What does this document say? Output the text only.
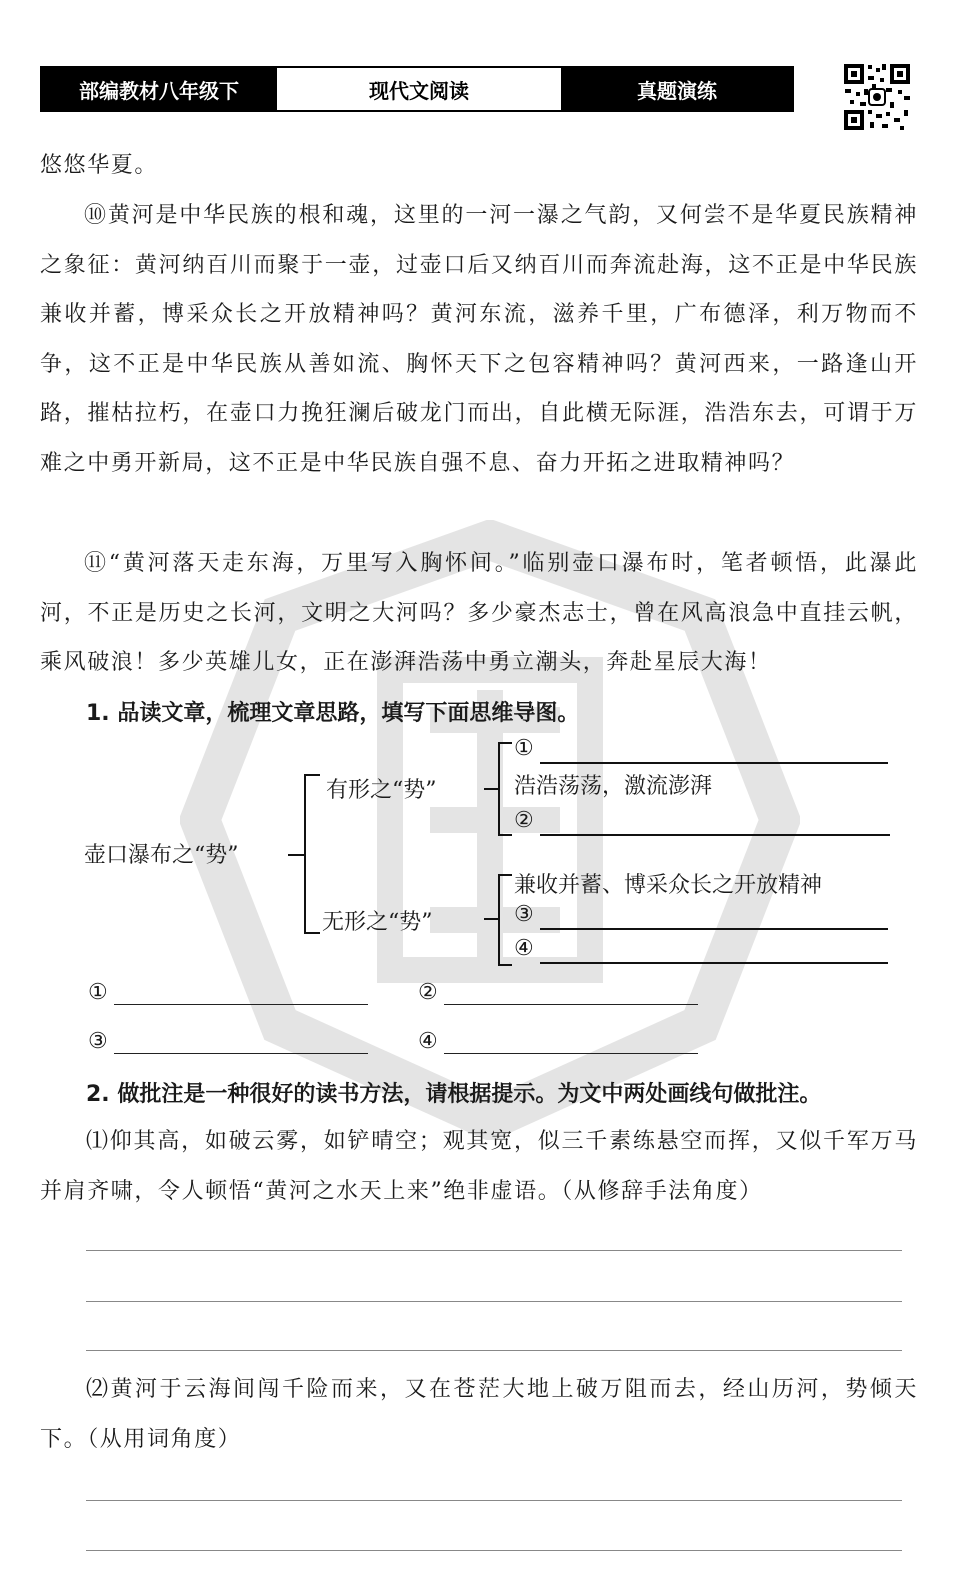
部编教材八年级下	现代文阅读	真题演练

悠悠华夏。

⑩黄河是中华民族的根和魂，这里的一河一瀑之气韵，又何尝不是华夏民族精神之象征：黄河纳百川而聚于一壶，过壶口后又纳百川而奔流赴海，这不正是中华民族兼收并蓄，博采众长之开放精神吗？黄河东流，滋养千里，广布德泽，利万物而不争，这不正是中华民族从善如流、胸怀天下之包容精神吗？黄河西来，一路逢山开路，摧枯拉朽，在壶口力挽狂澜后破龙门而出，自此横无际涯，浩浩东去，可谓于万难之中勇开新局，这不正是中华民族自强不息、奋力开拓之进取精神吗？

⑪“黄河落天走东海，万里写入胸怀间。”临别壶口瀑布时，笔者顿悟，此瀑此河，不正是历史之长河，文明之大河吗？多少豪杰志士，曾在风高浪急中直挂云帆，乘风破浪！多少英雄儿女，正在澎湃浩荡中勇立潮头，奔赴星辰大海！

1. 品读文章，梳理文章思路，填写下面思维导图。

壶口瀑布之“势”
有形之“势”
无形之“势”
①
浩浩荡荡，激流澎湃
②
兼收并蓄、博采众长之开放精神
③
④
①	②
③	④

2. 做批注是一种很好的读书方法，请根据提示。为文中两处画线句做批注。

⑴仰其高，如破云雾，如铲晴空；观其宽，似三千素练悬空而挥，又似千军万马并肩齐啸，令人顿悟“黄河之水天上来”绝非虚语。（从修辞手法角度）

⑵黄河于云海间闯千险而来，又在苍茫大地上破万阻而去，经山历河，势倾天下。（从用词角度）
